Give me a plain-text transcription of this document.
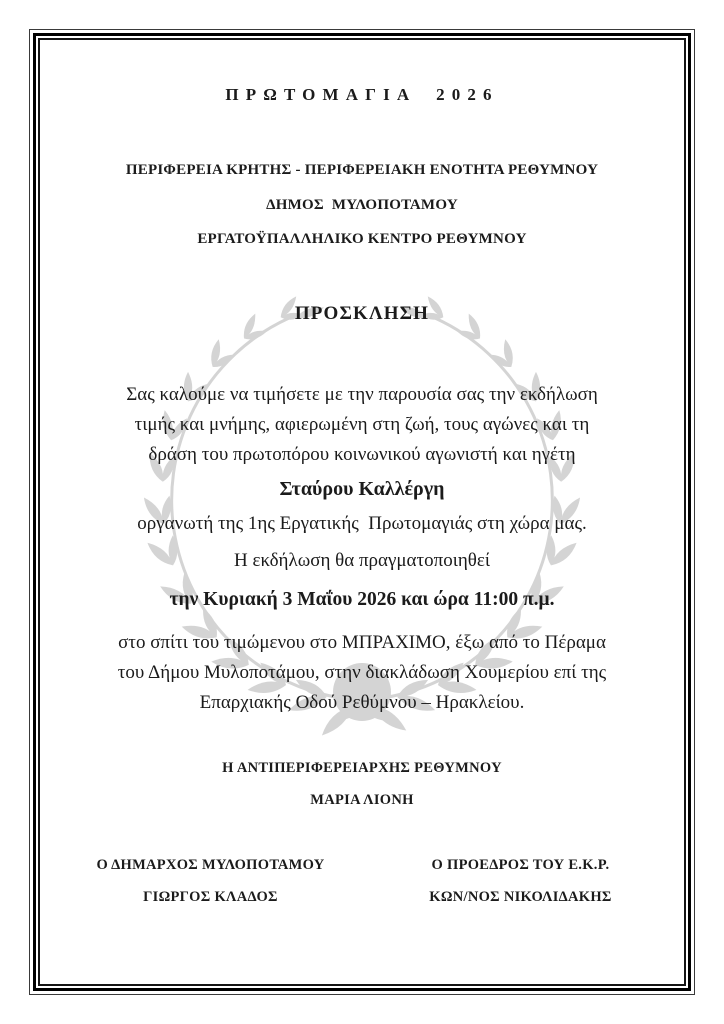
ΠΡΩΤΟΜΑΓΙΑ 2026
ΠΕΡΙΦΕΡΕΙΑ ΚΡΗΤΗΣ - ΠΕΡΙΦΕΡΕΙΑΚΗ ΕΝΟΤΗΤΑ ΡΕΘΥΜΝΟΥ
ΔΗΜΟΣ  ΜΥΛΟΠΟΤΑΜΟΥ
ΕΡΓΑΤΟΫΠΑΛΛΗΛΙΚΟ ΚΕΝΤΡΟ ΡΕΘΥΜΝΟΥ
ΠΡΟΣΚΛΗΣΗ
Σας καλούμε να τιμήσετε με την παρουσία σας την εκδήλωση
τιμής και μνήμης, αφιερωμένη στη ζωή, τους αγώνες και τη
δράση του πρωτοπόρου κοινωνικού αγωνιστή και ηγέτη
Σταύρου Καλλέργη
οργανωτή της 1ης Εργατικής  Πρωτομαγιάς στη χώρα μας.
Η εκδήλωση θα πραγματοποιηθεί
την Κυριακή 3 Μαΐου 2026 και ώρα 11:00 π.μ.
στο σπίτι του τιμώμενου στο ΜΠΡΑΧΙΜΟ, έξω από το Πέραμα
του Δήμου Μυλοποτάμου, στην διακλάδωση Χουμερίου επί της
Επαρχιακής Οδού Ρεθύμνου – Ηρακλείου.
Η ΑΝΤΙΠΕΡΙΦΕΡΕΙΑΡΧΗΣ ΡΕΘΥΜΝΟΥ
ΜΑΡΙΑ ΛΙΟΝΗ
Ο ΔΗΜΑΡΧΟΣ ΜΥΛΟΠΟΤΑΜΟΥ
ΓΙΩΡΓΟΣ ΚΛΑΔΟΣ
Ο ΠΡΟΕΔΡΟΣ ΤΟΥ Ε.Κ.Ρ.
ΚΩΝ/ΝΟΣ ΝΙΚΟΛΙΔΑΚΗΣ
